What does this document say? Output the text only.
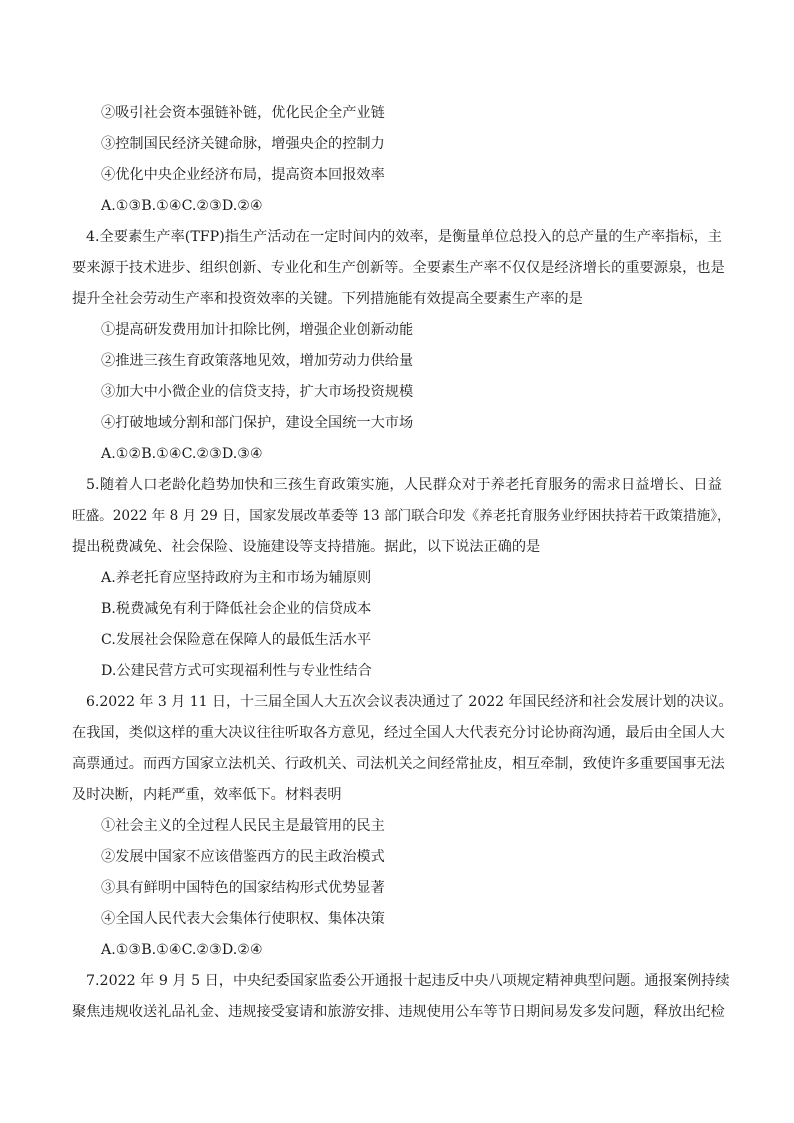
②吸引社会资本强链补链，优化民企全产业链
③控制国民经济关键命脉，增强央企的控制力
④优化中央企业经济布局，提高资本回报效率
A.①③B.①④C.②③D.②④
4.全要素生产率(TFP)指生产活动在一定时间内的效率，是衡量单位总投入的总产量的生产率指标，主
要来源于技术进步、组织创新、专业化和生产创新等。全要素生产率不仅仅是经济增长的重要源泉，也是
提升全社会劳动生产率和投资效率的关键。下列措施能有效提高全要素生产率的是
①提高研发费用加计扣除比例，增强企业创新动能
②推进三孩生育政策落地见效，增加劳动力供给量
③加大中小微企业的信贷支持，扩大市场投资规模
④打破地域分割和部门保护，建设全国统一大市场
A.①②B.①④C.②③D.③④
5.随着人口老龄化趋势加快和三孩生育政策实施，人民群众对于养老托育服务的需求日益增长、日益
旺盛。2022 年 8 月 29 日，国家发展改革委等 13 部门联合印发《养老托育服务业纾困扶持若干政策措施》，
提出税费减免、社会保险、设施建设等支持措施。据此，以下说法正确的是
A.养老托育应坚持政府为主和市场为辅原则
B.税费减免有利于降低社会企业的信贷成本
C.发展社会保险意在保障人的最低生活水平
D.公建民营方式可实现福利性与专业性结合
6.2022 年 3 月 11 日，十三届全国人大五次会议表决通过了 2022 年国民经济和社会发展计划的决议。
在我国，类似这样的重大决议往往听取各方意见，经过全国人大代表充分讨论协商沟通，最后由全国人大
高票通过。而西方国家立法机关、行政机关、司法机关之间经常扯皮，相互牵制，致使许多重要国事无法
及时决断，内耗严重，效率低下。材料表明
①社会主义的全过程人民民主是最管用的民主
②发展中国家不应该借鉴西方的民主政治模式
③具有鲜明中国特色的国家结构形式优势显著
④全国人民代表大会集体行使职权、集体决策
A.①③B.①④C.②③D.②④
7.2022 年 9 月 5 日，中央纪委国家监委公开通报十起违反中央八项规定精神典型问题。通报案例持续
聚焦违规收送礼品礼金、违规接受宴请和旅游安排、违规使用公车等节日期间易发多发问题，释放出纪检
